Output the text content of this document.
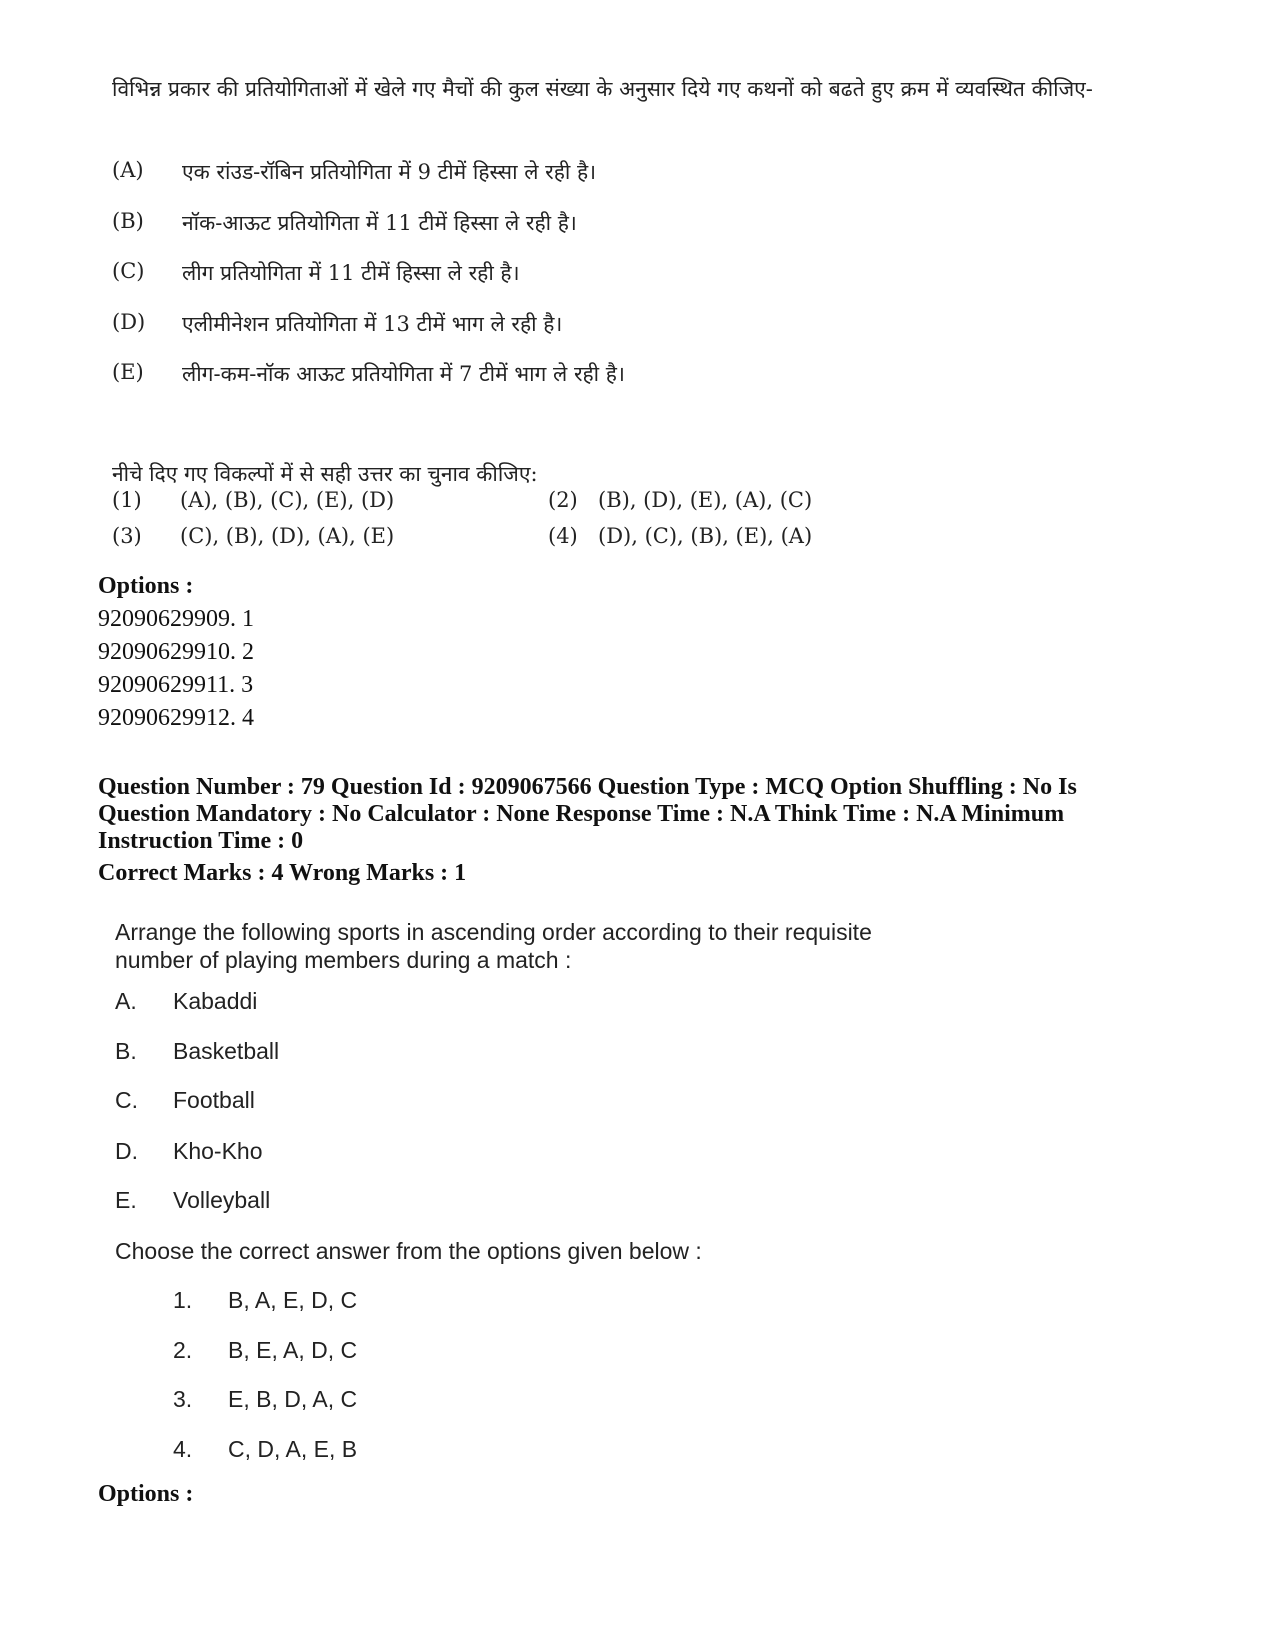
विभिन्न प्रकार की प्रतियोगिताओं में खेले गए मैचों की कुल संख्या के अनुसार दिये गए कथनों को बढते हुए क्रम में व्यवस्थित कीजिए-

(A) एक रांउड-रॉबिन प्रतियोगिता में 9 टीमें हिस्सा ले रही है।
(B) नॉक-आऊट प्रतियोगिता में 11 टीमें हिस्सा ले रही है।
(C) लीग प्रतियोगिता में 11 टीमें हिस्सा ले रही है।
(D) एलीमीनेशन प्रतियोगिता में 13 टीमें भाग ले रही है।
(E) लीग-कम-नॉक आऊट प्रतियोगिता में 7 टीमें भाग ले रही है।
नीचे दिए गए विकल्पों में से सही उत्तर का चुनाव कीजिए:
(1) (A), (B), (C), (E), (D)	(2) (B), (D), (E), (A), (C)
(3) (C), (B), (D), (A), (E)	(4) (D), (C), (B), (E), (A)
Options :
92090629909. 1
92090629910. 2
92090629911. 3
92090629912. 4
Question Number : 79 Question Id : 9209067566 Question Type : MCQ Option Shuffling : No Is
Question Mandatory : No Calculator : None Response Time : N.A Think Time : N.A Minimum
Instruction Time : 0
Correct Marks : 4 Wrong Marks : 1
Arrange the following sports in ascending order according to their requisite
number of playing members during a match :
A. Kabaddi
B. Basketball
C. Football
D. Kho-Kho
E. Volleyball
Choose the correct answer from the options given below :
1. B, A, E, D, C
2. B, E, A, D, C
3. E, B, D, A, C
4. C, D, A, E, B
Options :
